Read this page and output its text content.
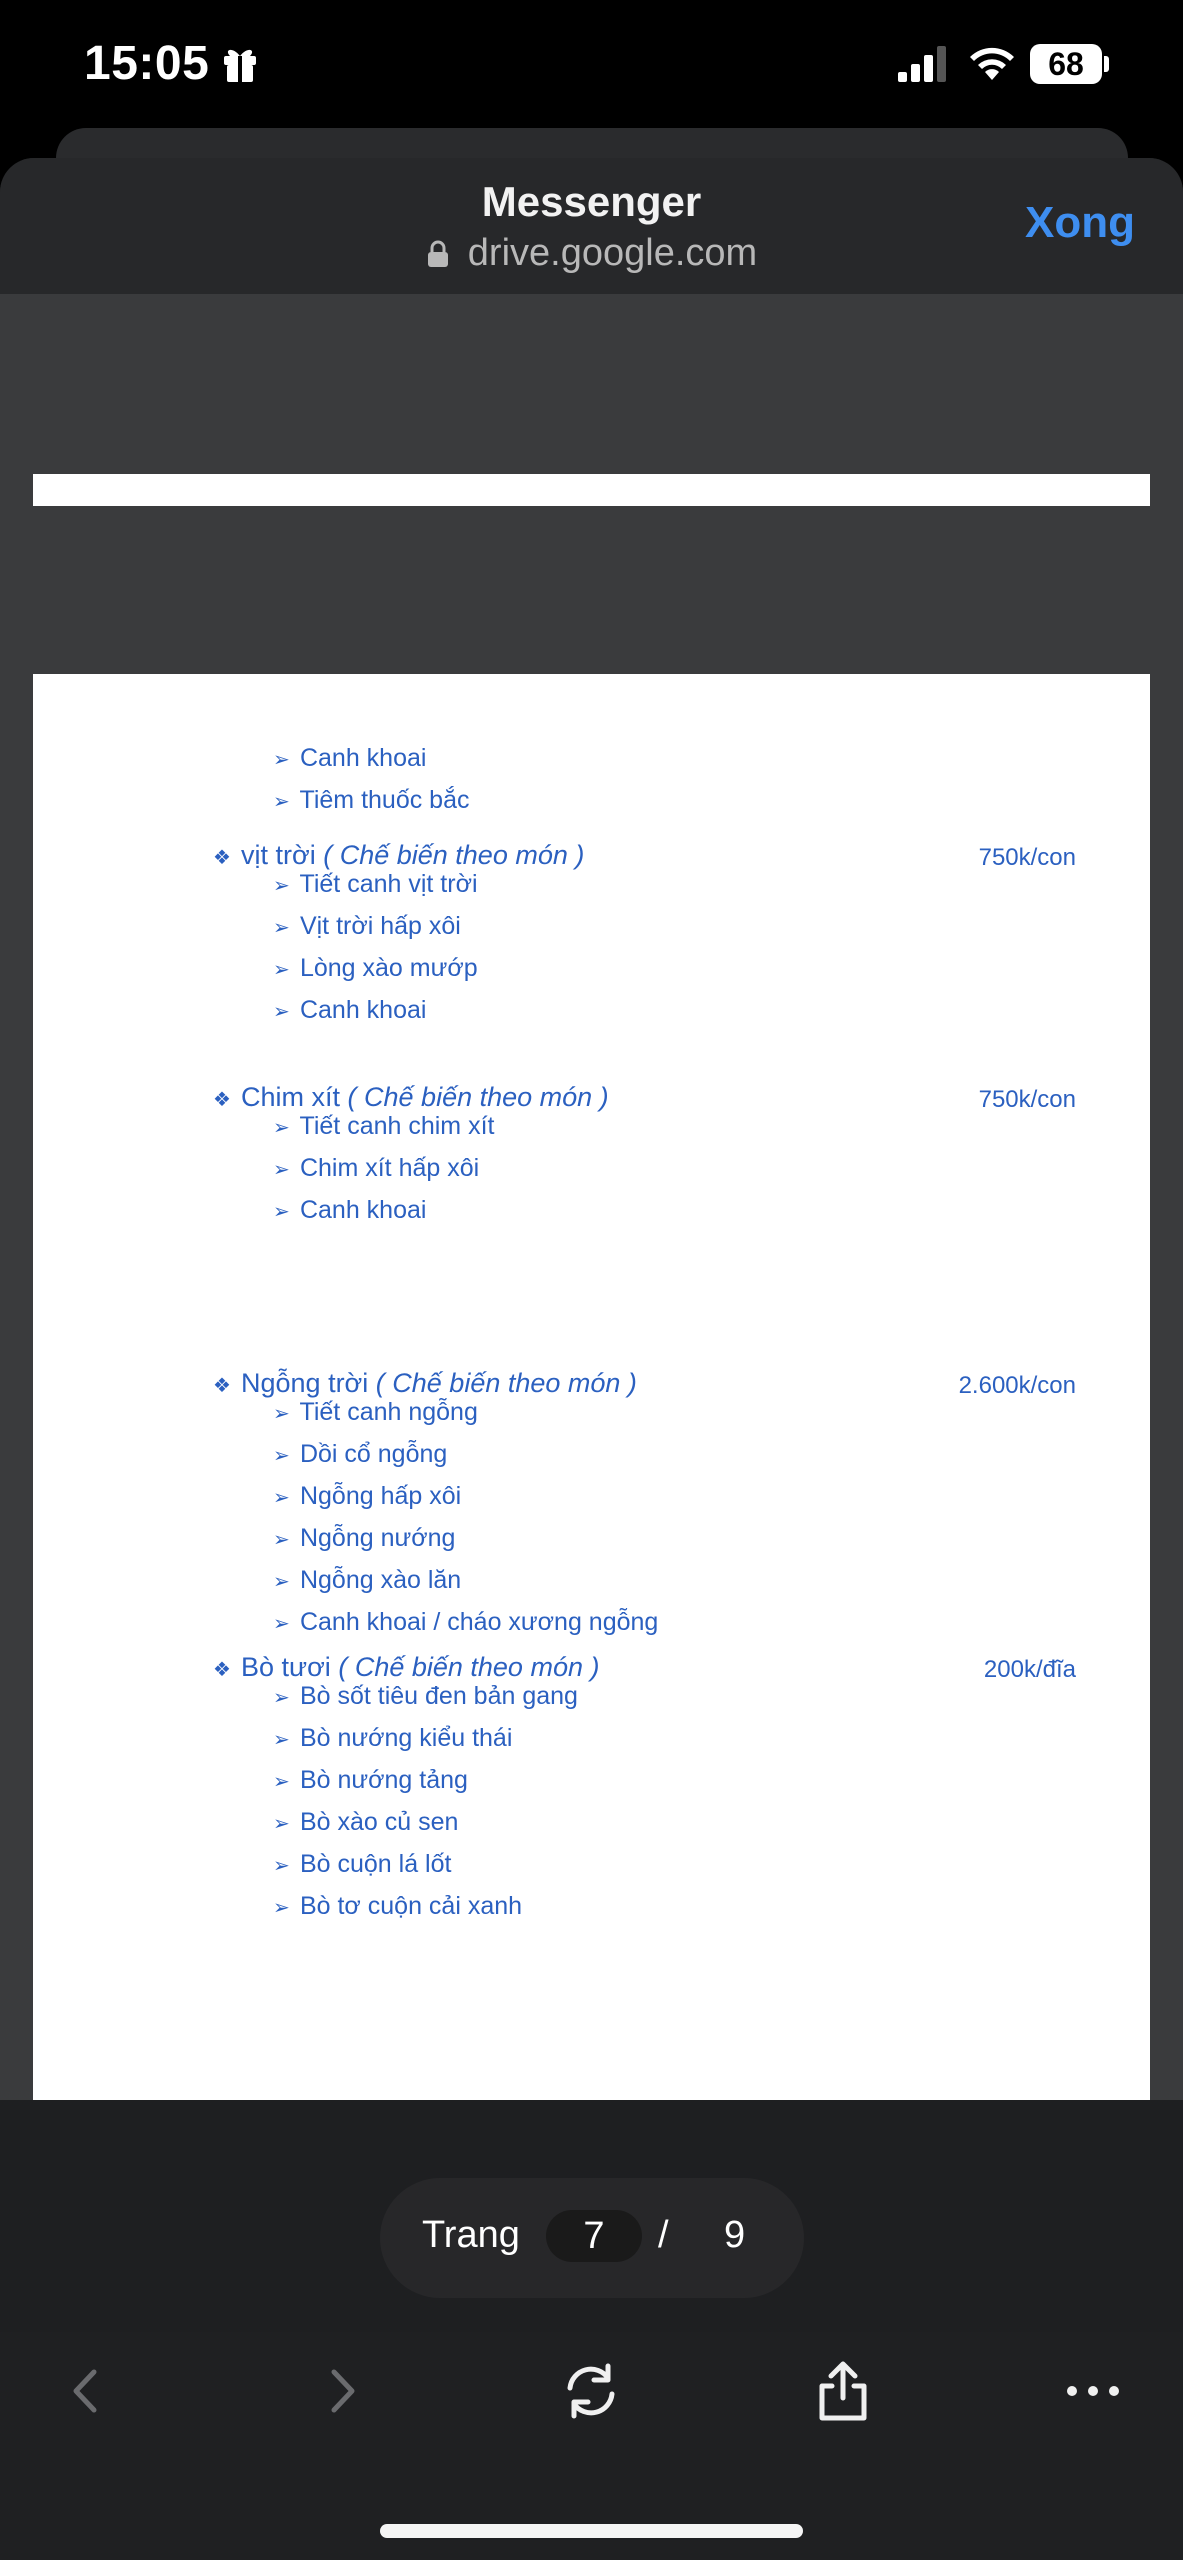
15:05	68
Messenger
drive.google.com
Xong
➢ Canh khoai
➢ Tiêm thuốc bắc
❖ vịt trời ( Chế biến theo món )	750k/con
➢ Tiết canh vịt trời
➢ Vịt trời hấp xôi
➢ Lòng xào mướp
➢ Canh khoai
❖ Chim xít ( Chế biến theo món )	750k/con
➢ Tiết canh chim xít
➢ Chim xít hấp xôi
➢ Canh khoai
❖ Ngỗng trời ( Chế biến theo món )	2.600k/con
➢ Tiết canh ngỗng
➢ Dồi cổ ngỗng
➢ Ngỗng hấp xôi
➢ Ngỗng nướng
➢ Ngỗng xào lăn
➢ Canh khoai / cháo xương ngỗng
❖ Bò tươi ( Chế biến theo món )	200k/đĩa
➢ Bò sốt tiêu đen bản gang
➢ Bò nướng kiểu thái
➢ Bò nướng tảng
➢ Bò xào củ sen
➢ Bò cuộn lá lốt
➢ Bò tơ cuộn cải xanh
Trang	7	/ 9
